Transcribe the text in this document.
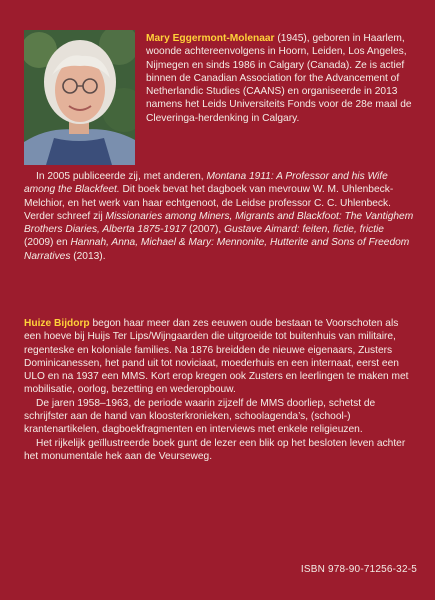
Mary Eggermont-Molenaar (1945), geboren in Haarlem, woonde achtereenvolgens in Hoorn, Leiden, Los Angeles, Nijmegen en sinds 1986 in Calgary (Canada). Ze is actief binnen de Canadian Association for the Advancement of Netherlandic Studies (CAANS) en organiseerde in 2013 namens het Leids Universiteits Fonds voor de 28e maal de Cleveringa-herdenking in Calgary.

In 2005 publiceerde zij, met anderen, Montana 1911: A Professor and his Wife among the Blackfeet. Dit boek bevat het dagboek van mevrouw W. M. Uhlenbeck-Melchior, en het werk van haar echtgenoot, de Leidse professor C. C. Uhlenbeck. Verder schreef zij Missionaries among Miners, Migrants and Blackfoot: The Vantighem Brothers Diaries, Alberta 1875-1917 (2007), Gustave Aimard: feiten, fictie, frictie (2009) en Hannah, Anna, Michael & Mary: Mennonite, Hutterite and Sons of Freedom Narratives (2013).

Huize Bijdorp begon haar meer dan zes eeuwen oude bestaan te Voorschoten als een hoeve bij Huijs Ter Lips/Wijngaarden die uitgroeide tot buitenhuis van militaire, regenteske en koloniale families. Na 1876 breidden de nieuwe eigenaars, Zusters Dominicanessen, het pand uit tot noviciaat, moederhuis en een internaat, eerst een ULO en na 1937 een MMS. Kort erop kregen ook Zusters en leerlingen te maken met mobilisatie, oorlog, bezetting en wederopbouw.

De jaren 1958–1963, de periode waarin zijzelf de MMS doorliep, schetst de schrijfster aan de hand van kloosterkronieken, schoolagenda’s, (school-) krantenartikelen, dagboekfragmenten en interviews met enkele religieuzen.

Het rijkelijk geïllustreerde boek gunt de lezer een blik op het besloten leven achter het monumentale hek aan de Veurseweg.

ISBN 978-90-71256-32-5
